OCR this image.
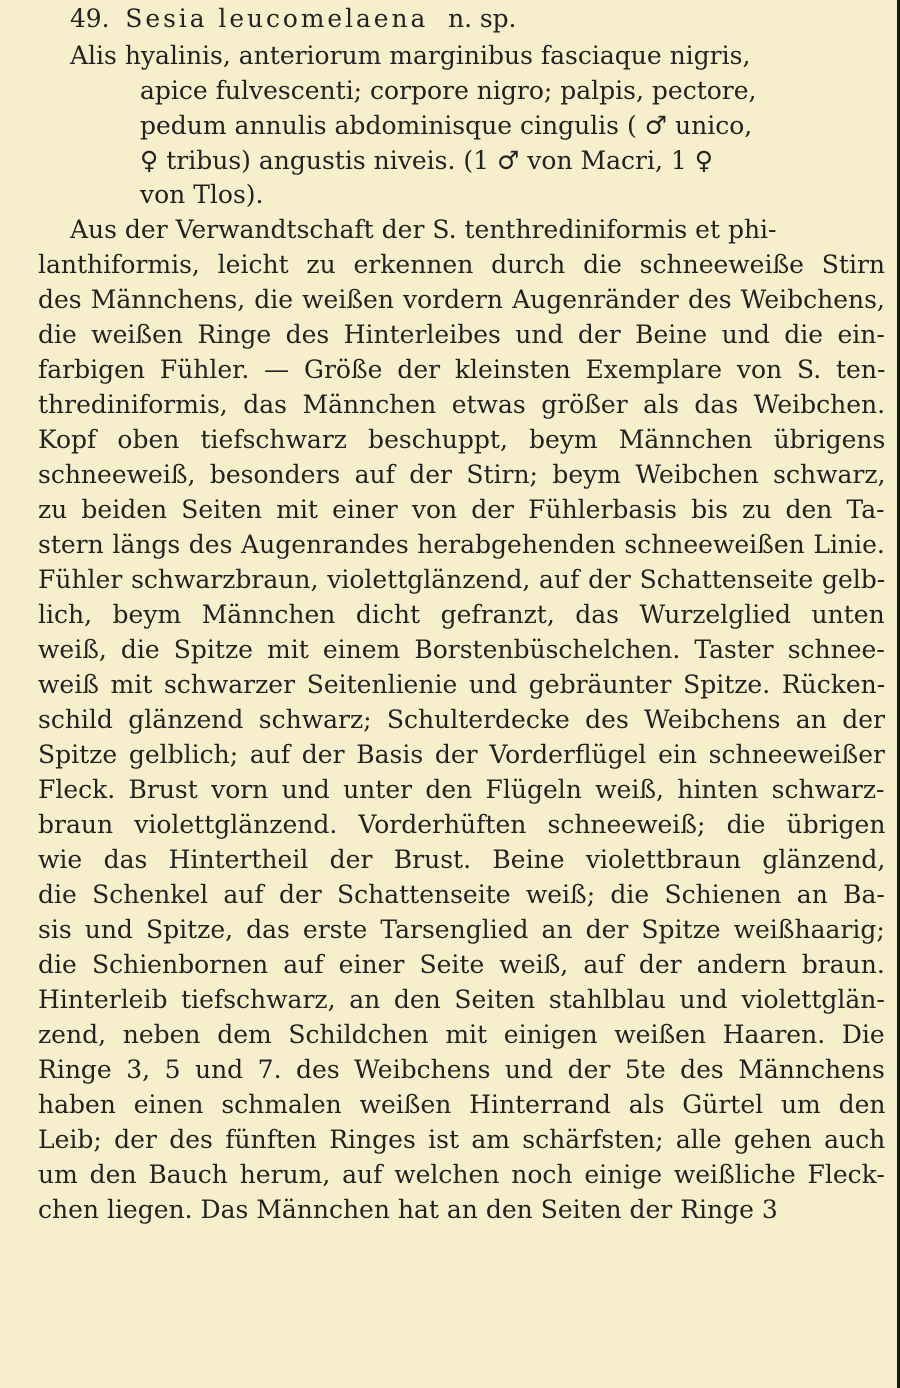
49. Sesia leucomelaena n. sp.
Alis hyalinis, anteriorum marginibus fasciaque nigris,
apice fulvescenti; corpore nigro; palpis, pectore,
pedum annulis abdominisque cingulis ( ♂ unico,
♀ tribus) angustis niveis. (1 ♂ von Macri, 1 ♀
von Tlos).
Aus der Verwandtschaft der S. tenthrediniformis et phi-
lanthiformis, leicht zu erkennen durch die schneeweiße Stirn
des Männchens, die weißen vordern Augenränder des Weibchens,
die weißen Ringe des Hinterleibes und der Beine und die ein-
farbigen Fühler. — Größe der kleinsten Exemplare von S. ten-
thrediniformis, das Männchen etwas größer als das Weibchen.
Kopf oben tiefschwarz beschuppt, beym Männchen übrigens
schneeweiß, besonders auf der Stirn; beym Weibchen schwarz,
zu beiden Seiten mit einer von der Fühlerbasis bis zu den Ta-
stern längs des Augenrandes herabgehenden schneeweißen Linie.
Fühler schwarzbraun, violettglänzend, auf der Schattenseite gelb-
lich, beym Männchen dicht gefranzt, das Wurzelglied unten
weiß, die Spitze mit einem Borstenbüschelchen. Taster schnee-
weiß mit schwarzer Seitenlienie und gebräunter Spitze. Rücken-
schild glänzend schwarz; Schulterdecke des Weibchens an der
Spitze gelblich; auf der Basis der Vorderflügel ein schneeweißer
Fleck. Brust vorn und unter den Flügeln weiß, hinten schwarz-
braun violettglänzend. Vorderhüften schneeweiß; die übrigen
wie das Hintertheil der Brust. Beine violettbraun glänzend,
die Schenkel auf der Schattenseite weiß; die Schienen an Ba-
sis und Spitze, das erste Tarsenglied an der Spitze weißhaarig;
die Schienbornen auf einer Seite weiß, auf der andern braun.
Hinterleib tiefschwarz, an den Seiten stahlblau und violettglän-
zend, neben dem Schildchen mit einigen weißen Haaren. Die
Ringe 3, 5 und 7. des Weibchens und der 5te des Männchens
haben einen schmalen weißen Hinterrand als Gürtel um den
Leib; der des fünften Ringes ist am schärfsten; alle gehen auch
um den Bauch herum, auf welchen noch einige weißliche Fleck-
chen liegen. Das Männchen hat an den Seiten der Ringe 3
